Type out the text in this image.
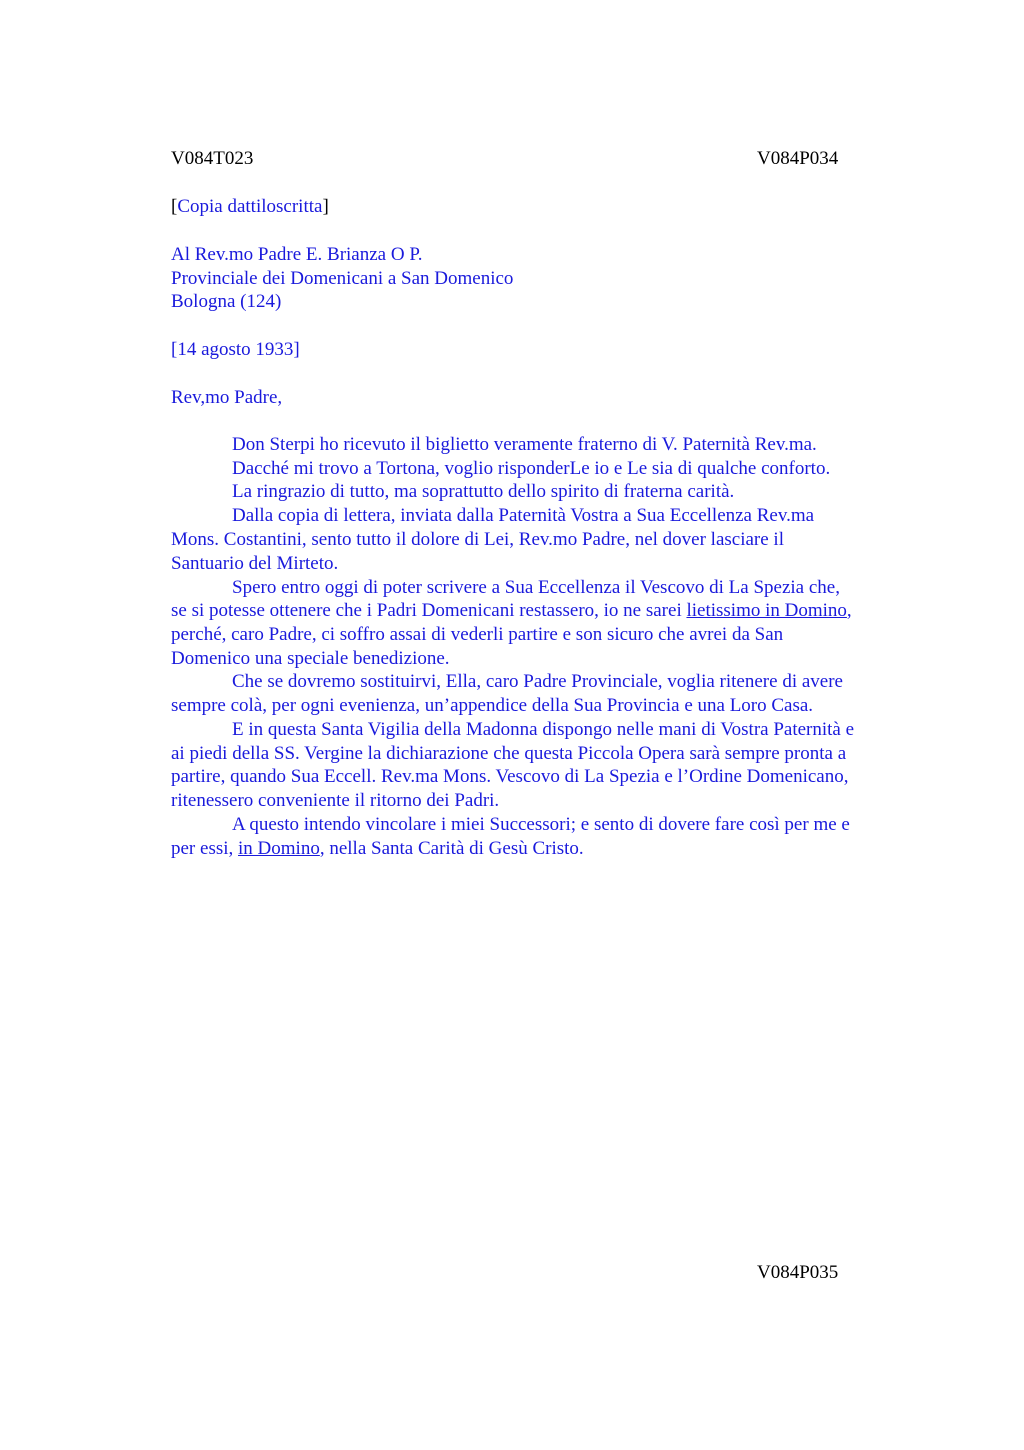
V084T023	V084P034
[Copia dattiloscritta]
Al Rev.mo Padre E. Brianza O P.
Provinciale dei Domenicani a San Domenico
Bologna (124)
[14 agosto 1933]
Rev,mo Padre,
Don Sterpi ho ricevuto il biglietto veramente fraterno di V. Paternità Rev.ma.
Dacché mi trovo a Tortona, voglio risponderLe io e Le sia di qualche conforto.
La ringrazio di tutto, ma soprattutto dello spirito di fraterna carità.
Dalla copia di lettera, inviata dalla Paternità Vostra a Sua Eccellenza Rev.ma
Mons. Costantini, sento tutto il dolore di Lei, Rev.mo Padre, nel dover lasciare il
Santuario del Mirteto.
Spero entro oggi di poter scrivere a Sua Eccellenza il Vescovo di La Spezia che,
se si potesse ottenere che i Padri Domenicani restassero, io ne sarei lietissimo in Domino,
perché, caro Padre, ci soffro assai di vederli partire e son sicuro che avrei da San
Domenico una speciale benedizione.
Che se dovremo sostituirvi, Ella, caro Padre Provinciale, voglia ritenere di avere
sempre colà, per ogni evenienza, un’appendice della Sua Provincia e una Loro Casa.
E in questa Santa Vigilia della Madonna dispongo nelle mani di Vostra Paternità e
ai piedi della SS. Vergine la dichiarazione che questa Piccola Opera sarà sempre pronta a
partire, quando Sua Eccell. Rev.ma Mons. Vescovo di La Spezia e l’Ordine Domenicano,
ritenessero conveniente il ritorno dei Padri.
A questo intendo vincolare i miei Successori; e sento di dovere fare così per me e
per essi, in Domino, nella Santa Carità di Gesù Cristo.
V084P035
